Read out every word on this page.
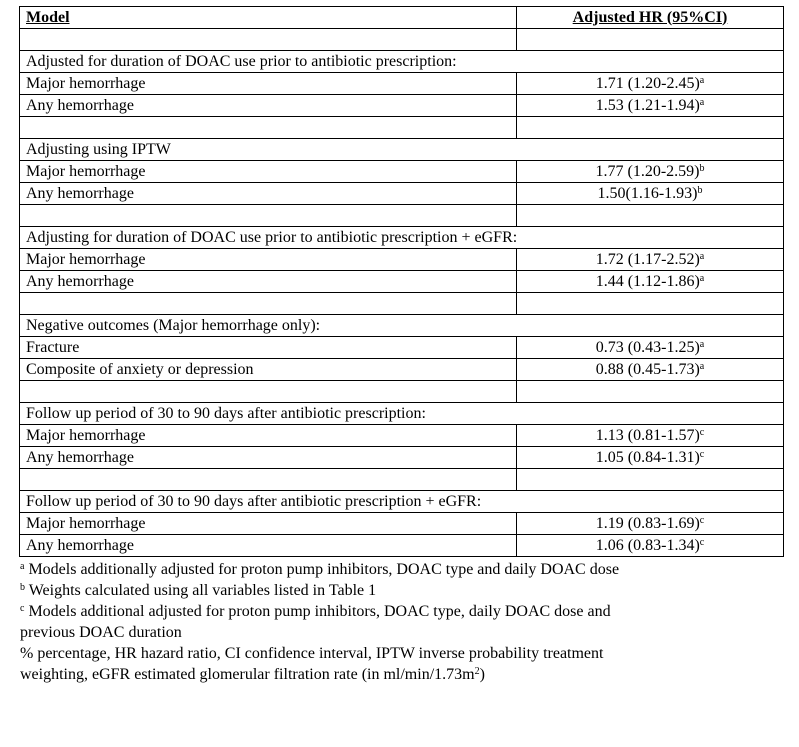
Model	Adjusted HR (95%CI)

Adjusted for duration of DOAC use prior to antibiotic prescription:	
Major hemorrhage	1.71 $(1.20-2.45)^a$
Any hemorrhage	1.53 $(1.21-1.94)^a$

Adjusting using IPTW	
Major hemorrhage	1.77 $(1.20-2.59)^b$
Any hemorrhage	$1.50(1.16-1.93)^b$

Adjusting for duration of DOAC use prior to antibiotic prescription + eGFR:	
Major hemorrhage	1.72 $(1.17-2.52)^a$
Any hemorrhage	1.44 $(1.12-1.86)^a$

Negative outcomes (Major hemorrhage only):	
Fracture	0.73 $(0.43-1.25)^a$
Composite of anxiety or depression	0.88 $(0.45-1.73)^a$

Follow up period of 30 to 90 days after antibiotic prescription:	
Major hemorrhage	1.13 $(0.81-1.57)^c$
Any hemorrhage	1.05 $(0.84-1.31)^c$

Follow up period of 30 to 90 days after antibiotic prescription + eGFR:	
Major hemorrhage	1.19 $(0.83-1.69)^c$
Any hemorrhage	1.06 $(0.83-1.34)^c$
$^a$ Models additionally adjusted for proton pump inhibitors, DOAC type and daily DOAC dose
$^b$ Weights calculated using all variables listed in Table 1
$^c$ Models additional adjusted for proton pump inhibitors, DOAC type, daily DOAC dose and
previous DOAC duration
% percentage, HR hazard ratio, CI confidence interval, IPTW inverse probability treatment
weighting, eGFR estimated glomerular filtration rate (in $ml/\min/1.73m^2$)
